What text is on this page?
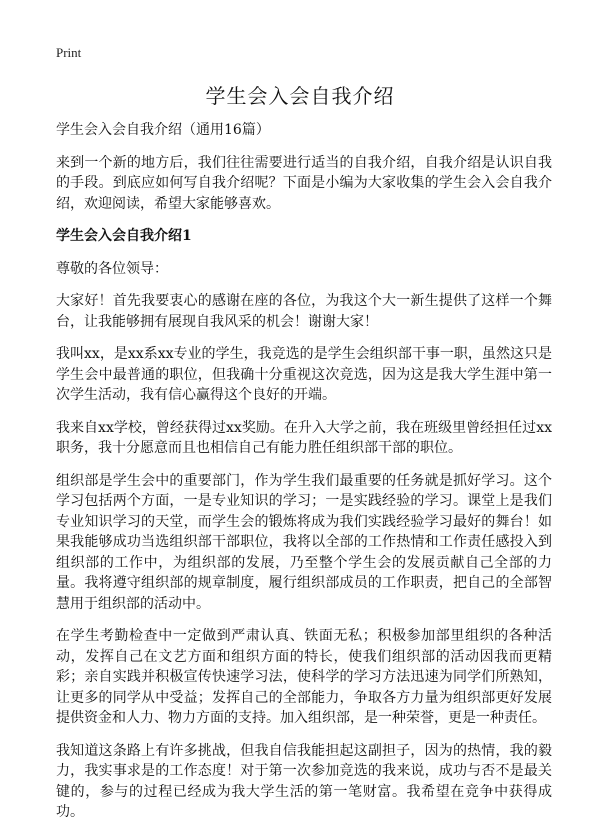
Print
学生会入会自我介绍

学生会入会自我介绍（通用16篇）

来到一个新的地方后，我们往往需要进行适当的自我介绍，自我介绍是认识自我的手段。到底应如何写自我介绍呢？下面是小编为大家收集的学生会入会自我介绍，欢迎阅读，希望大家能够喜欢。

学生会入会自我介绍1

尊敬的各位领导：

大家好！首先我要衷心的感谢在座的各位，为我这个大一新生提供了这样一个舞台，让我能够拥有展现自我风采的机会！谢谢大家！

我叫xx，是xx系xx专业的学生，我竞选的是学生会组织部干事一职，虽然这只是学生会中最普通的职位，但我确十分重视这次竞选，因为这是我大学生涯中第一次学生活动，我有信心赢得这个良好的开端。

我来自xx学校，曾经获得过xx奖励。在升入大学之前，我在班级里曾经担任过xx职务，我十分愿意而且也相信自己有能力胜任组织部干部的职位。

组织部是学生会中的重要部门，作为学生我们最重要的任务就是抓好学习。这个学习包括两个方面，一是专业知识的学习；一是实践经验的学习。课堂上是我们专业知识学习的天堂，而学生会的锻炼将成为我们实践经验学习最好的舞台！如果我能够成功当选组织部干部职位，我将以全部的工作热情和工作责任感投入到组织部的工作中，为组织部的发展，乃至整个学生会的发展贡献自己全部的力量。我将遵守组织部的规章制度，履行组织部成员的工作职责，把自己的全部智慧用于组织部的活动中。

在学生考勤检查中一定做到严肃认真、铁面无私；积极参加部里组织的各种活动，发挥自己在文艺方面和组织方面的特长，使我们组织部的活动因我而更精彩；亲自实践并积极宣传快速学习法，使科学的学习方法迅速为同学们所熟知，让更多的同学从中受益；发挥自己的全部能力，争取各方力量为组织部更好发展提供资金和人力、物力方面的支持。加入组织部，是一种荣誉，更是一种责任。

我知道这条路上有许多挑战，但我自信我能担起这副担子，因为的热情，我的毅力，我实事求是的工作态度！对于第一次参加竞选的我来说，成功与否不是最关键的，参与的过程已经成为我大学生活的第一笔财富。我希望在竞争中获得成功。
